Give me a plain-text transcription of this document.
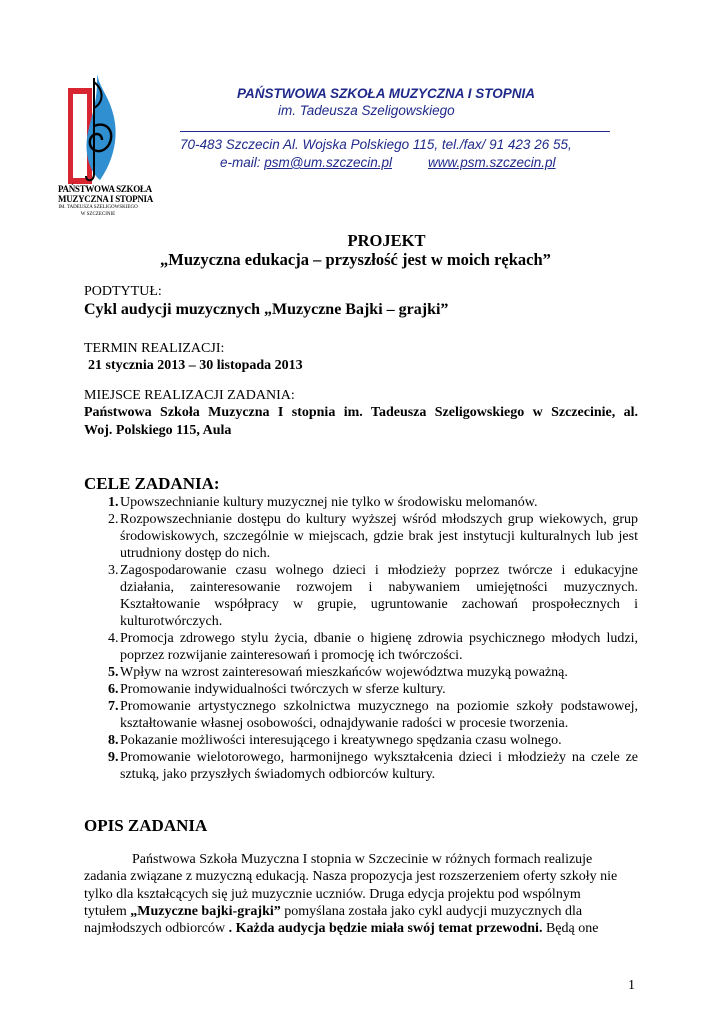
PAŃSTWOWA SZKOŁA
MUZYCZNA I STOPNIA
IM. TADEUSZA SZELIGOWSKIEGO
W SZCZECINIE
PAŃSTWOWA SZKOŁA MUZYCZNA I STOPNIA
im. Tadeusza Szeligowskiego
70-483 Szczecin Al. Wojska Polskiego 115, tel./fax/ 91 423 26 55,
e-mail: psm@um.szczecin.pl	www.psm.szczecin.pl
PROJEKT
„Muzyczna edukacja – przyszłość jest w moich rękach”
PODTYTUŁ:
Cykl audycji muzycznych „Muzyczne Bajki – grajki”
TERMIN REALIZACJI:
21 stycznia 2013 – 30 listopada 2013
MIEJSCE REALIZACJI ZADANIA:
Państwowa Szkoła Muzyczna I stopnia im. Tadeusza Szeligowskiego w Szczecinie, al.
Woj. Polskiego 115, Aula
CELE ZADANIA:
1. Upowszechnianie kultury muzycznej nie tylko w środowisku melomanów.
2. Rozpowszechnianie dostępu do kultury wyższej wśród młodszych grup wiekowych, grup środowiskowych, szczególnie w miejscach, gdzie brak jest instytucji kulturalnych lub jest utrudniony dostęp do nich.
3. Zagospodarowanie czasu wolnego dzieci i młodzieży poprzez twórcze i edukacyjne działania, zainteresowanie rozwojem i nabywaniem umiejętności muzycznych. Kształtowanie współpracy w grupie, ugruntowanie zachowań prospołecznych i kulturotwórczych.
4. Promocja zdrowego stylu życia, dbanie o higienę zdrowia psychicznego młodych ludzi, poprzez rozwijanie zainteresowań i promocję ich twórczości.
5. Wpływ na wzrost zainteresowań mieszkańców województwa muzyką poważną.
6. Promowanie indywidualności twórczych w sferze kultury.
7. Promowanie artystycznego szkolnictwa muzycznego na poziomie szkoły podstawowej, kształtowanie własnej osobowości, odnajdywanie radości w procesie tworzenia.
8. Pokazanie możliwości interesującego i kreatywnego spędzania czasu wolnego.
9. Promowanie wielotorowego, harmonijnego wykształcenia dzieci i młodzieży na czele ze sztuką, jako przyszłych świadomych odbiorców kultury.
OPIS ZADANIA

Państwowa Szkoła Muzyczna I stopnia w Szczecinie w różnych formach realizuje zadania związane z muzyczną edukacją. Nasza propozycja jest rozszerzeniem oferty szkoły nie tylko dla kształcących się już muzycznie uczniów. Druga edycja projektu pod wspólnym tytułem „Muzyczne bajki-grajki” pomyślana została jako cykl audycji muzycznych dla najmłodszych odbiorców . Każda audycja będzie miała swój temat przewodni. Będą one

1
